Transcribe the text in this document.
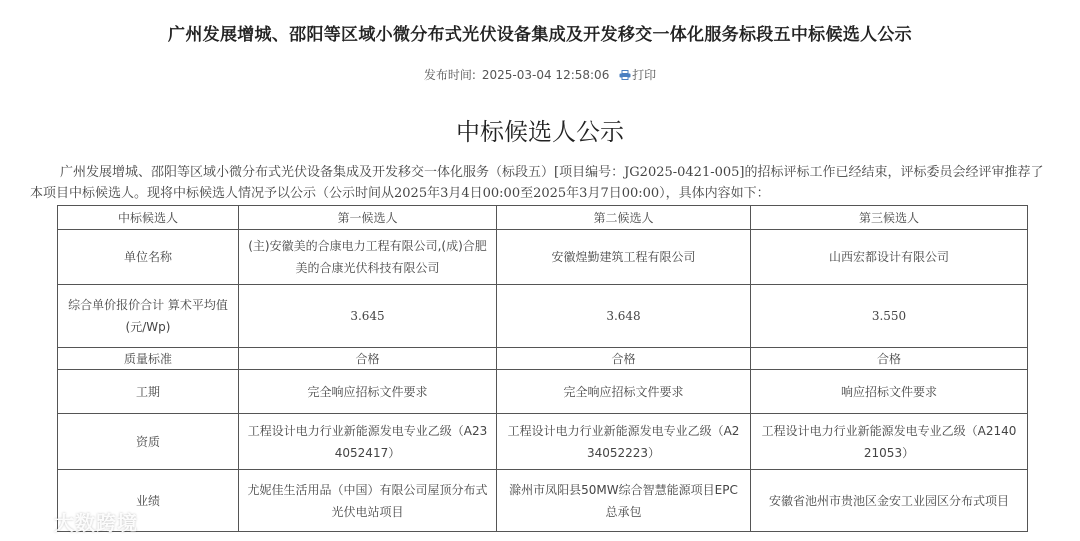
广州发展增城、邵阳等区域小微分布式光伏设备集成及开发移交一体化服务标段五中标候选人公示
发布时间: 2025-03-04 12:58:06 打印
中标候选人公示

广州发展增城、邵阳等区域小微分布式光伏设备集成及开发移交一体化服务（标段五）[项目编号：JG2025-0421-005]的招标评标工作已经结束，评标委员会经评审推荐了本项目中标候选人。现将中标候选人情况予以公示（公示时间从2025年3月4日00:00至2025年3月7日00:00），具体内容如下：

中标候选人	第一候选人	第二候选人	第三候选人
单位名称	(主)安徽美的合康电力工程有限公司,(成)合肥美的合康光伏科技有限公司	安徽煌勤建筑工程有限公司	山西宏都设计有限公司
综合单价报价合计 算术平均值(元/Wp)	3.645	3.648	3.550
质量标准	合格	合格	合格
工期	完全响应招标文件要求	完全响应招标文件要求	响应招标文件要求
资质	工程设计电力行业新能源发电专业乙级（A234052417）	工程设计电力行业新能源发电专业乙级（A234052223）	工程设计电力行业新能源发电专业乙级（A214021053）
业绩	尤妮佳生活用品（中国）有限公司屋顶分布式光伏电站项目	滁州市凤阳县50MW综合智慧能源项目EPC总承包	安徽省池州市贵池区金安工业园区分布式项目
大数跨境
